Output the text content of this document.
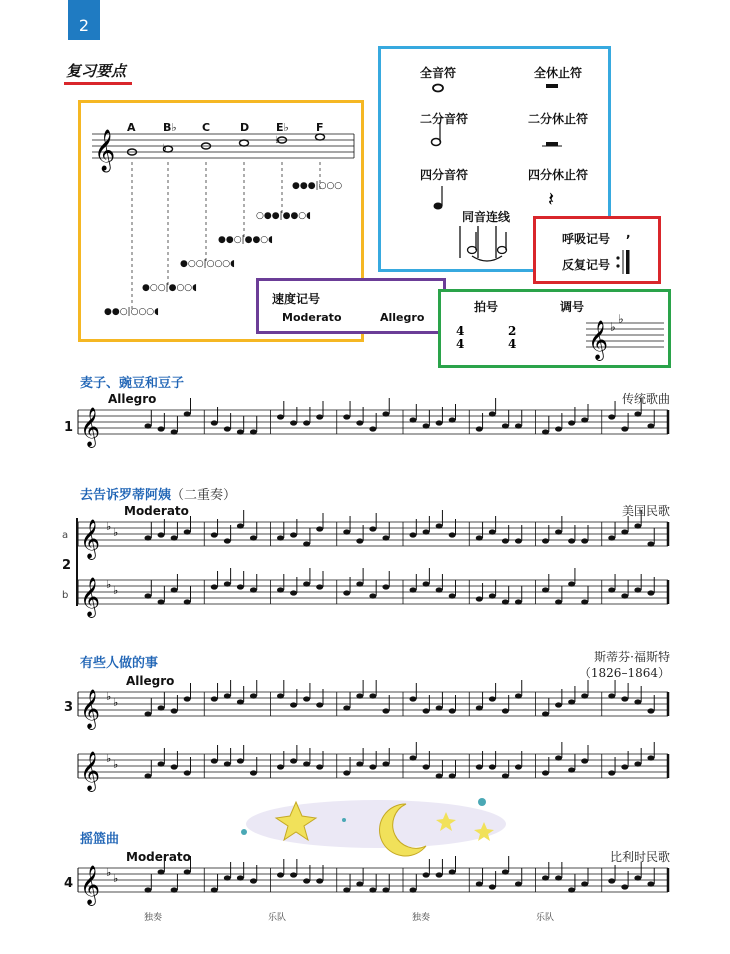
2
复习要点
𝄞	♭
♭
●●○|○○○◖
●○○|●○○◖
●○○|○○○◖
●●○|●●○◖
○●●|●●○◖
●●●|○○○
A B♭ C	D E♭ F
全音符	全休止符
二分音符	二分休止符
四分音符	四分休止符
同音连线
𝄽
呼吸记号 ,
反复记号
速度记号
Moderato	Allegro
拍号	调号
4
4
2
4 𝄞 ♭
♭
麦子、豌豆和豆子
Allegro	传统歌曲
1 𝄞
去告诉罗蒂阿姨（二重奏）
Moderato	美国民歌
a
2
b
𝄞 ♭ ♭
𝄞 ♭ ♭
有些人做的事	斯蒂芬·福斯特
（1826–1864）
Allegro
3 𝄞 ♭ ♭
𝄞 ♭ ♭
摇篮曲
Moderato	比利时民歌
4 𝄞 ♭ ♭
独奏	乐队	独奏	乐队
